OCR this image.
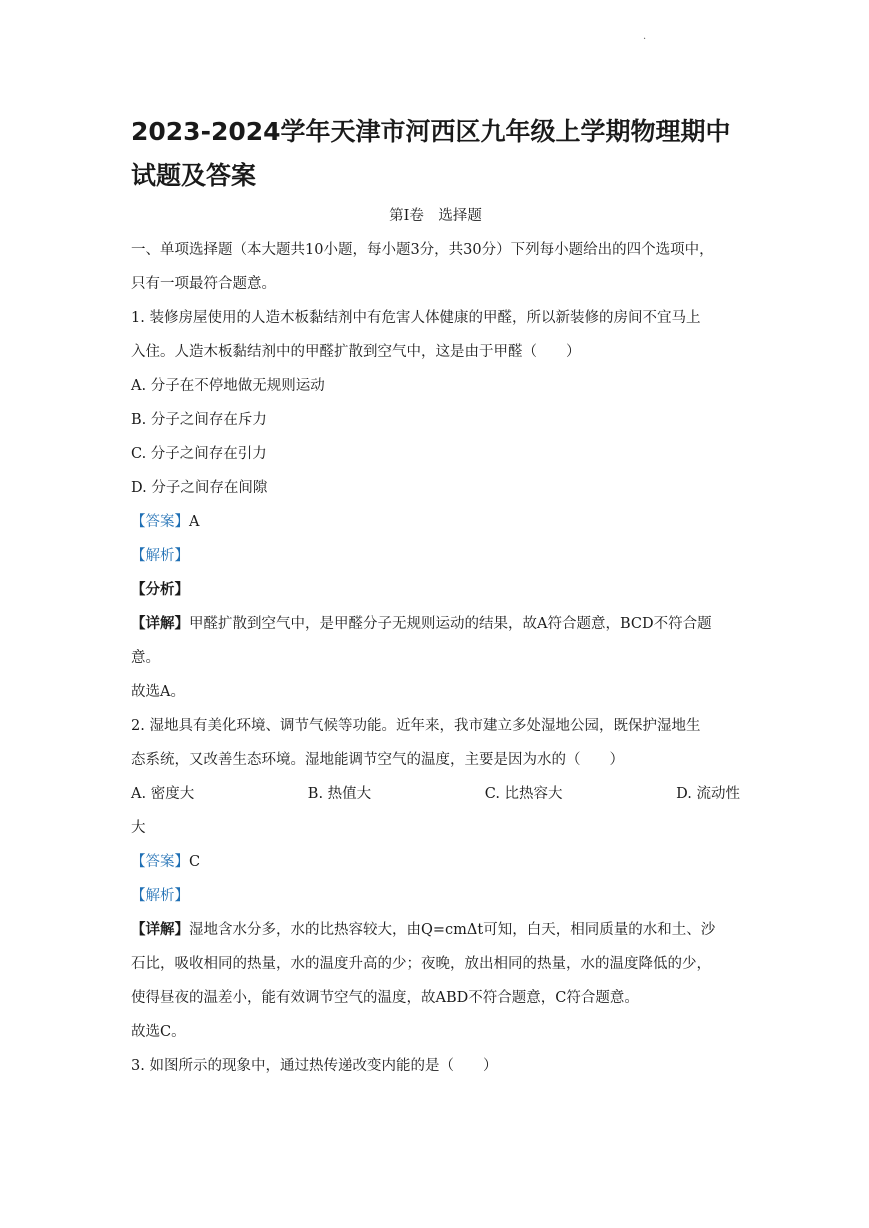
·
2023-2024学年天津市河西区九年级上学期物理期中试题及答案
第Ⅰ卷　选择题
一、单项选择题（本大题共10小题，每小题3分，共30分）下列每小题给出的四个选项中，
只有一项最符合题意。
1. 装修房屋使用的人造木板黏结剂中有危害人体健康的甲醛，所以新装修的房间不宜马上
入住。人造木板黏结剂中的甲醛扩散到空气中，这是由于甲醛（　　）
A. 分子在不停地做无规则运动
B. 分子之间存在斥力
C. 分子之间存在引力
D. 分子之间存在间隙
【答案】A
【解析】
【分析】
【详解】甲醛扩散到空气中，是甲醛分子无规则运动的结果，故A符合题意，BCD不符合题
意。
故选A。
2. 湿地具有美化环境、调节气候等功能。近年来，我市建立多处湿地公园，既保护湿地生
态系统，又改善生态环境。湿地能调节空气的温度，主要是因为水的（　　）
A. 密度大	B. 热值大	C. 比热容大	D. 流动性
大
【答案】C
【解析】
【详解】湿地含水分多，水的比热容较大，由Q=cmΔt可知，白天，相同质量的水和土、沙
石比，吸收相同的热量，水的温度升高的少；夜晚，放出相同的热量，水的温度降低的少，
使得昼夜的温差小，能有效调节空气的温度，故ABD不符合题意，C符合题意。
故选C。
3. 如图所示的现象中，通过热传递改变内能的是（　　）
